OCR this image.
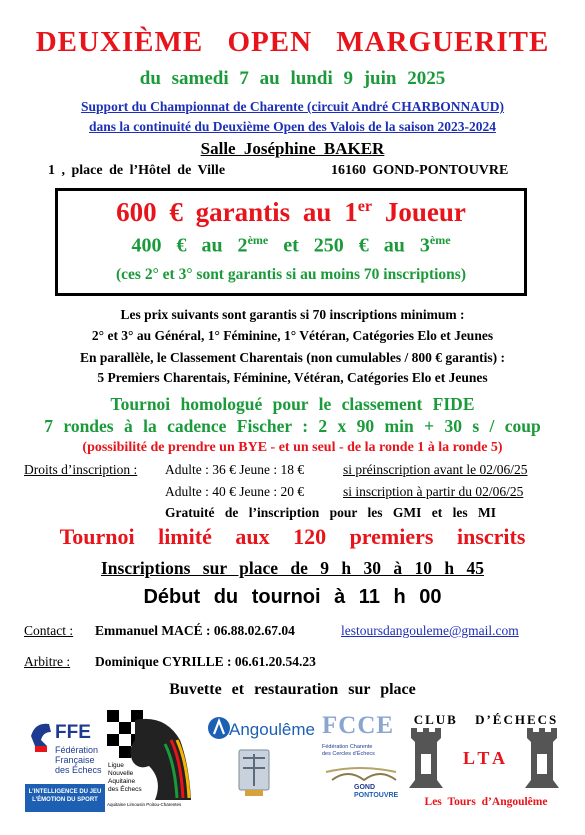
DEUXIÈME OPEN MARGUERITE
du samedi 7 au lundi 9 juin 2025
Support du Championnat de Charente (circuit André CHARBONNAUD)
dans la continuité du Deuxième Open des Valois de la saison 2023-2024
Salle Joséphine BAKER
1 , place de l’Hôtel de Ville	16160 GOND-PONTOUVRE
600 € garantis au 1er Joueur
400 € au 2ème et 250 € au 3ème
(ces 2° et 3° sont garantis si au moins 70 inscriptions)
Les prix suivants sont garantis si 70 inscriptions minimum :
2° et 3° au Général, 1° Féminine, 1° Vétéran, Catégories Elo et Jeunes
En parallèle, le Classement Charentais (non cumulables / 800 € garantis) :
5 Premiers Charentais, Féminine, Vétéran, Catégories Elo et Jeunes
Tournoi homologué pour le classement FIDE
7 rondes à la cadence Fischer : 2 x 90 min + 30 s / coup
(possibilité de prendre un BYE - et un seul - de la ronde 1 à la ronde 5)
Droits d’inscription : Adulte : 36 € Jeune : 18 €	si préinscription avant le 02/06/25
Adulte : 40 € Jeune : 20 €	si inscription à partir du 02/06/25
Gratuité de l’inscription pour les GMI et les MI
Tournoi limité aux 120 premiers inscrits
Inscriptions sur place de 9 h 30 à 10 h 45
Début du tournoi à 11 h 00
Contact : Emmanuel MACÉ : 06.88.02.67.04	lestoursdangouleme@gmail.com
Arbitre : Dominique CYRILLE : 06.61.20.54.23
Buvette et restauration sur place
FFE
Fédération
Française
des Échecs
L’INTELLIGENCE DU JEU
L’ÉMOTION DU SPORT
Ligue
Nouvelle
Aquitaine
des Échecs
Aquitaine Limousin Poitou-Charentes
Angoulême FCCE
Fédération Charente
des Cercles d’Échecs
GOND
PONTOUVRE
CLUB D’ÉCHECS
LTA
Les Tours d’Angoulême
